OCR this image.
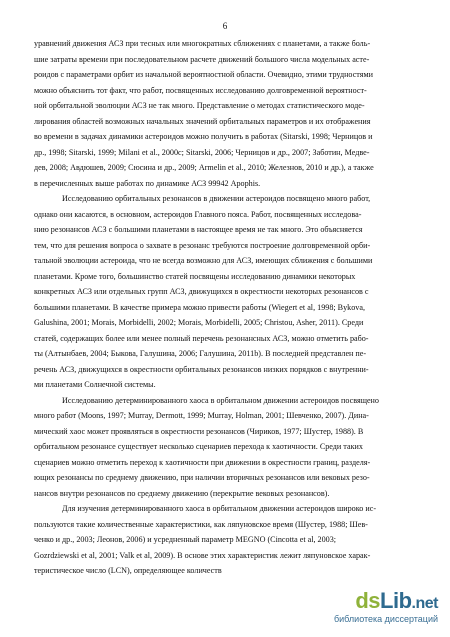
6
уравнений движения АСЗ при тесных или многократных сближениях с планетами, а также боль-
шие затраты времени при последовательном расчете движений большого числа модельных асте-
роидов с параметрами орбит из начальной вероятностной области. Очевидно, этими трудностями
можно объяснить тот факт, что работ, посвященных исследованию долговременной вероятност-
ной орбитальной эволюции АСЗ не так много. Представление о методах статистического моде-
лирования областей возможных начальных значений орбитальных параметров и их отображения
во времени в задачах динамики астероидов можно получить в работах (Sitarski, 1998; Черницов и
др., 1998; Sitarski, 1999; Milani et al., 2000с; Sitarski, 2006; Черницов и др., 2007; Заботин, Медве-
дев, 2008; Авдюшев, 2009; Сюсина и др., 2009; Armelin et al., 2010; Железнов, 2010 и др.), а также
в перечисленных выше работах по динамике АСЗ 99942 Apophis.
Исследованию орбитальных резонансов в движении астероидов посвящено много работ,
однако они касаются, в основном, астероидов Главного пояса. Работ, посвященных исследова-
нию резонансов АСЗ с большими планетами в настоящее время не так много. Это объясняется
тем, что для решения вопроса о захвате в резонанс требуются построение долговременной орби-
тальной эволюции астероида, что не всегда возможно для АСЗ, имеющих сближения с большими
планетами. Кроме того, большинство статей посвящены исследованию динамики некоторых
конкретных АСЗ или отдельных групп АСЗ, движущихся в окрестности некоторых резонансов с
большими планетами. В качестве примера можно привести работы (Wiegert et al, 1998; Bykova,
Galushina, 2001; Morais, Morbidelli, 2002; Morais, Morbidelli, 2005; Christou, Asher, 2011). Среди
статей, содержащих более или менее полный перечень резонансных АСЗ, можно отметить рабо-
ты (Алтынбаев, 2004; Быкова, Галушина, 2006; Галушина, 2011b). В последней представлен пе-
речень АСЗ, движущихся в окрестности орбитальных резонансов низких порядков с внутренни-
ми планетами Солнечной системы.
Исследованию детерминированного хаоса в орбитальном движении астероидов посвящено
много работ (Moons, 1997; Murray, Dermott, 1999; Murray, Holman, 2001; Шевченко, 2007). Дина-
мический хаос может проявляться в окрестности резонансов (Чириков, 1977; Шустер, 1988). В
орбитальном резонансе существует несколько сценариев перехода к хаотичности. Среди таких
сценариев можно отметить переход к хаотичности при движении в окрестности границ, разделя-
ющих резонансы по среднему движению, при наличии вторичных резонансов или вековых резо-
нансов внутри резонансов по среднему движению (перекрытие вековых резонансов).
Для изучения детерминированного хаоса в орбитальном движении астероидов широко ис-
пользуются такие количественные характеристики, как ляпуновское время (Шустер, 1988; Шев-
ченко и др., 2003; Леонов, 2006) и усредненный параметр MEGNO (Cincotta et al, 2003;
Gozrdziewski et al, 2001; Valk et al, 2009). В основе этих характеристик лежит ляпуновское харак-
теристическое число (LCN), определяющее количеств
dsLib.net
библиотека диссертаций
